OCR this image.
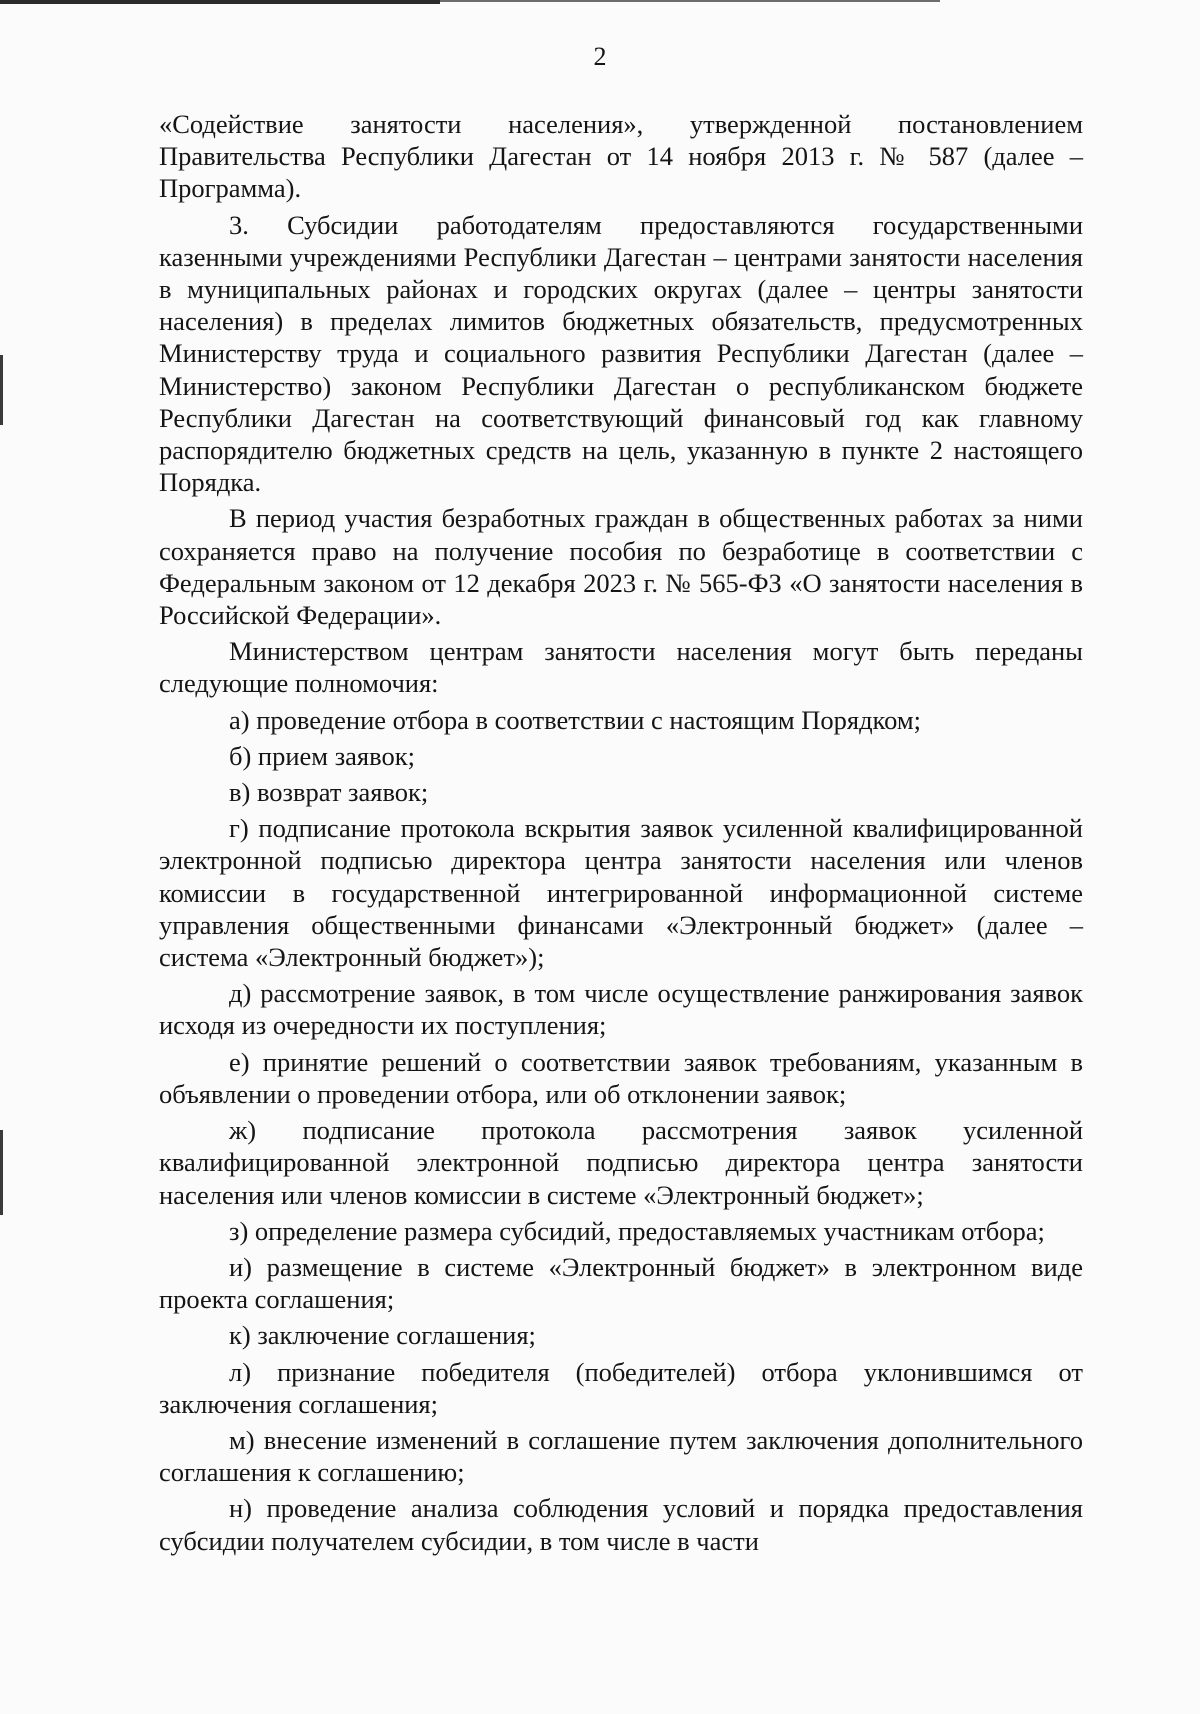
2

«Содействие занятости населения», утвержденной постановлением Правительства Республики Дагестан от 14 ноября 2013 г. № 587 (далее – Программа).

3. Субсидии работодателям предоставляются государственными казенными учреждениями Республики Дагестан – центрами занятости населения в муниципальных районах и городских округах (далее – центры занятости населения) в пределах лимитов бюджетных обязательств, предусмотренных Министерству труда и социального развития Республики Дагестан (далее – Министерство) законом Республики Дагестан о республиканском бюджете Республики Дагестан на соответствующий финансовый год как главному распорядителю бюджетных средств на цель, указанную в пункте 2 настоящего Порядка.

В период участия безработных граждан в общественных работах за ними сохраняется право на получение пособия по безработице в соответствии с Федеральным законом от 12 декабря 2023 г. № 565-ФЗ «О занятости населения в Российской Федерации».

Министерством центрам занятости населения могут быть переданы следующие полномочия:

а) проведение отбора в соответствии с настоящим Порядком;

б) прием заявок;

в) возврат заявок;

г) подписание протокола вскрытия заявок усиленной квалифицированной электронной подписью директора центра занятости населения или членов комиссии в государственной интегрированной информационной системе управления общественными финансами «Электронный бюджет» (далее – система «Электронный бюджет»);

д) рассмотрение заявок, в том числе осуществление ранжирования заявок исходя из очередности их поступления;

е) принятие решений о соответствии заявок требованиям, указанным в объявлении о проведении отбора, или об отклонении заявок;

ж) подписание протокола рассмотрения заявок усиленной квалифицированной электронной подписью директора центра занятости населения или членов комиссии в системе «Электронный бюджет»;

з) определение размера субсидий, предоставляемых участникам отбора;

и) размещение в системе «Электронный бюджет» в электронном виде проекта соглашения;

к) заключение соглашения;

л) признание победителя (победителей) отбора уклонившимся от заключения соглашения;

м) внесение изменений в соглашение путем заключения дополнительного соглашения к соглашению;

н) проведение анализа соблюдения условий и порядка предоставления субсидии получателем субсидии, в том числе в части
